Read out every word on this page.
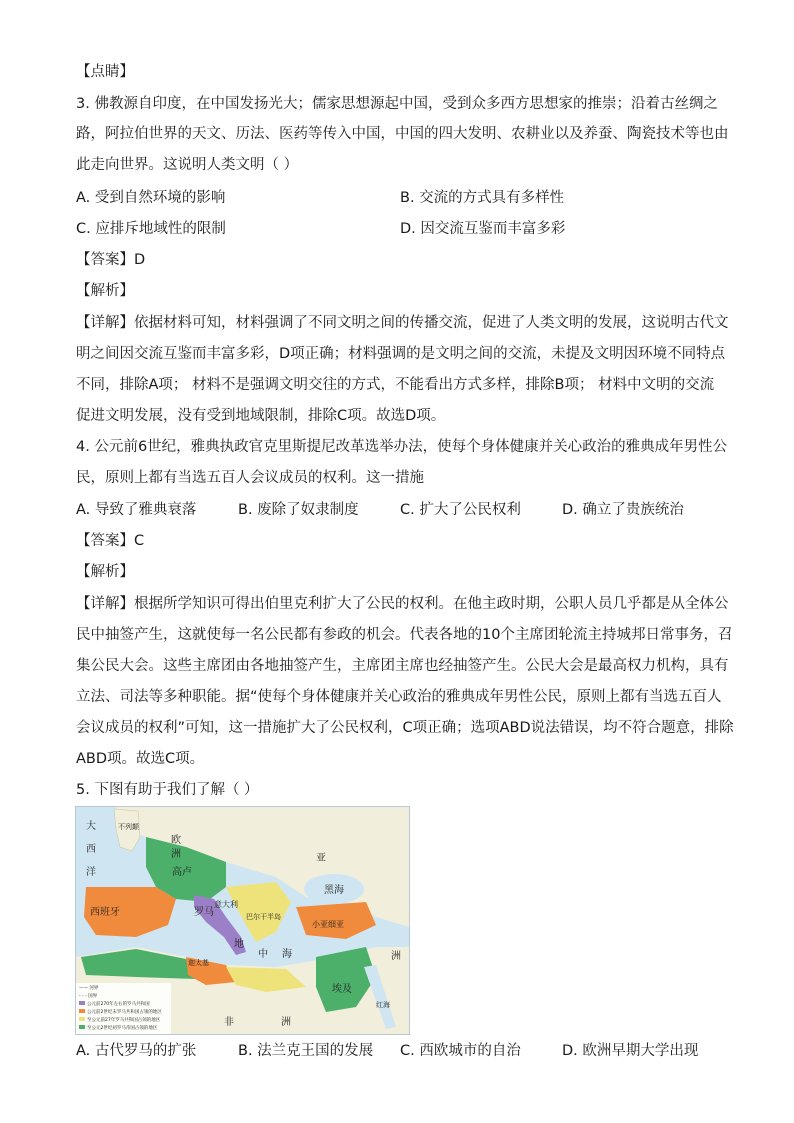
【点睛】
3. 佛教源自印度，在中国发扬光大；儒家思想源起中国，受到众多西方思想家的推崇；沿着古丝绸之
路，阿拉伯世界的天文、历法、医药等传入中国，中国的四大发明、农耕业以及养蚕、陶瓷技术等也由
此走向世界。这说明人类文明（ ）
A. 受到自然环境的影响	B. 交流的方式具有多样性
C. 应排斥地域性的限制	D. 因交流互鉴而丰富多彩
【答案】D
【解析】
【详解】依据材料可知，材料强调了不同文明之间的传播交流，促进了人类文明的发展，这说明古代文
明之间因交流互鉴而丰富多彩，D项正确；材料强调的是文明之间的交流，未提及文明因环境不同特点
不同，排除A项； 材料不是强调文明交往的方式，不能看出方式多样，排除B项； 材料中文明的交流
促进文明发展，没有受到地域限制，排除C项。故选D项。
4. 公元前6世纪，雅典执政官克里斯提尼改革选举办法，使每个身体健康并关心政治的雅典成年男性公
民，原则上都有当选五百人会议成员的权利。这一措施
A. 导致了雅典衰落	B. 废除了奴隶制度	C. 扩大了公民权利	D. 确立了贵族统治
【答案】C
【解析】
【详解】根据所学知识可得出伯里克利扩大了公民的权利。在他主政时期，公职人员几乎都是从全体公
民中抽签产生，这就使每一名公民都有参政的机会。代表各地的10个主席团轮流主持城邦日常事务，召
集公民大会。这些主席团由各地抽签产生，主席团主席也经抽签产生。公民大会是最高权力机构，具有
立法、司法等多种职能。据“使每个身体健康并关心政治的雅典成年男性公民，原则上都有当选五百人
会议成员的权利”可知，这一措施扩大了公民权利，C项正确；选项ABD说法错误，均不符合题意，排除
ABD项。故选C项。
5. 下图有助于我们了解（ ）
大
西
洋
不列颠
欧
洲
高卢
西班牙	罗马
意大利
迦太基
巴尔干半岛
小亚细亚
黑海
地
中 海
亚
洲
非	洲
埃及
红海
—— 河界
- - - 国界
公元前270年左右的罗马共和国
公元前2世纪末罗马共和国占领的地区
至公元前27年罗马共和国占领的地区
至公元2世纪初罗马帝国占领的地区
A. 古代罗马的扩张	B. 法兰克王国的发展 C. 西欧城市的自治	D. 欧洲早期大学出现
